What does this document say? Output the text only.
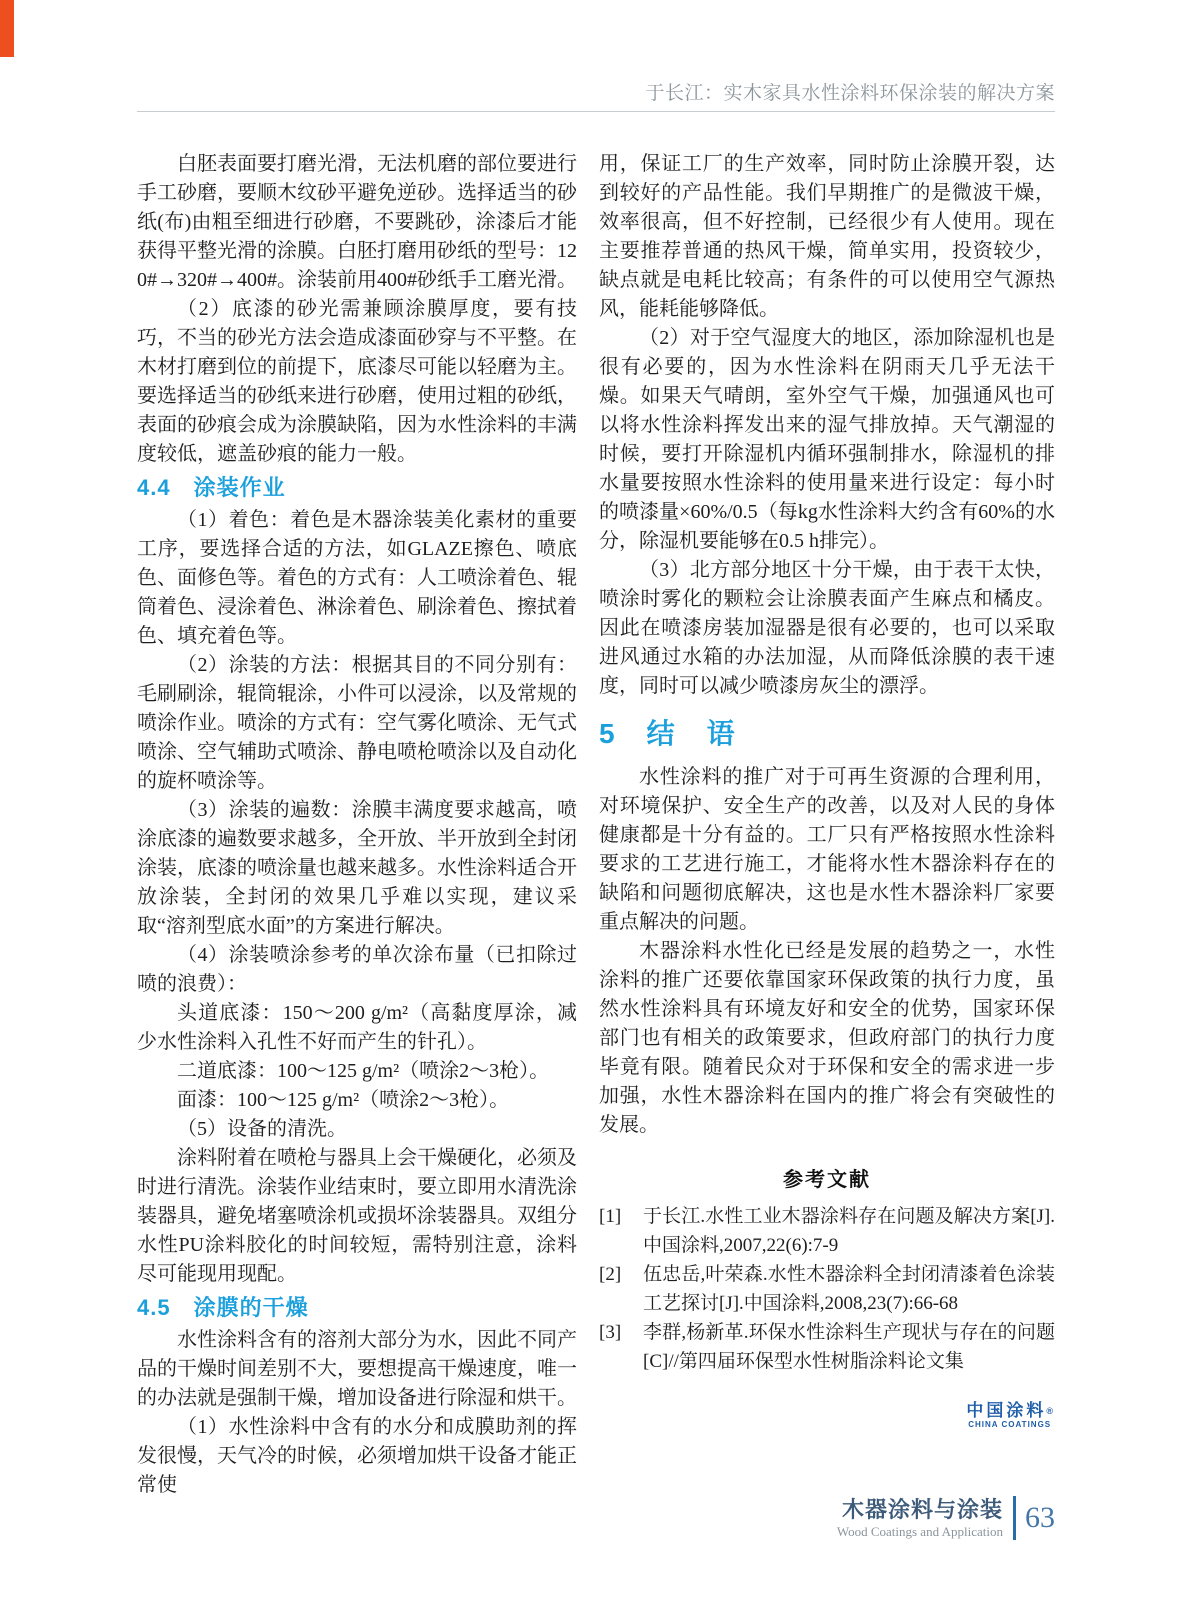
于长江：实木家具水性涂料环保涂装的解决方案

白胚表面要打磨光滑，无法机磨的部位要进行手工砂磨，要顺木纹砂平避免逆砂。选择适当的砂纸(布)由粗至细进行砂磨，不要跳砂，涂漆后才能获得平整光滑的涂膜。白胚打磨用砂纸的型号：120#→320#→400#。涂装前用400#砂纸手工磨光滑。

（2）底漆的砂光需兼顾涂膜厚度，要有技巧，不当的砂光方法会造成漆面砂穿与不平整。在木材打磨到位的前提下，底漆尽可能以轻磨为主。要选择适当的砂纸来进行砂磨，使用过粗的砂纸，表面的砂痕会成为涂膜缺陷，因为水性涂料的丰满度较低，遮盖砂痕的能力一般。

4.4　涂装作业

（1）着色：着色是木器涂装美化素材的重要工序，要选择合适的方法，如GLAZE擦色、喷底色、面修色等。着色的方式有：人工喷涂着色、辊筒着色、浸涂着色、淋涂着色、刷涂着色、擦拭着色、填充着色等。

（2）涂装的方法：根据其目的不同分别有：毛刷刷涂，辊筒辊涂，小件可以浸涂，以及常规的喷涂作业。喷涂的方式有：空气雾化喷涂、无气式喷涂、空气辅助式喷涂、静电喷枪喷涂以及自动化的旋杯喷涂等。

（3）涂装的遍数：涂膜丰满度要求越高，喷涂底漆的遍数要求越多，全开放、半开放到全封闭涂装，底漆的喷涂量也越来越多。水性涂料适合开放涂装，全封闭的效果几乎难以实现，建议采取“溶剂型底水面”的方案进行解决。

（4）涂装喷涂参考的单次涂布量（已扣除过喷的浪费）：

头道底漆：150～200 g/m²（高黏度厚涂，减少水性涂料入孔性不好而产生的针孔）。

二道底漆：100～125 g/m²（喷涂2～3枪）。

面漆：100～125 g/m²（喷涂2～3枪）。

（5）设备的清洗。

涂料附着在喷枪与器具上会干燥硬化，必须及时进行清洗。涂装作业结束时，要立即用水清洗涂装器具，避免堵塞喷涂机或损坏涂装器具。双组分水性PU涂料胶化的时间较短，需特别注意，涂料尽可能现用现配。

4.5　涂膜的干燥

水性涂料含有的溶剂大部分为水，因此不同产品的干燥时间差别不大，要想提高干燥速度，唯一的办法就是强制干燥，增加设备进行除湿和烘干。

（1）水性涂料中含有的水分和成膜助剂的挥发很慢，天气冷的时候，必须增加烘干设备才能正常使

用，保证工厂的生产效率，同时防止涂膜开裂，达到较好的产品性能。我们早期推广的是微波干燥，效率很高，但不好控制，已经很少有人使用。现在主要推荐普通的热风干燥，简单实用，投资较少，缺点就是电耗比较高；有条件的可以使用空气源热风，能耗能够降低。

（2）对于空气湿度大的地区，添加除湿机也是很有必要的，因为水性涂料在阴雨天几乎无法干燥。如果天气晴朗，室外空气干燥，加强通风也可以将水性涂料挥发出来的湿气排放掉。天气潮湿的时候，要打开除湿机内循环强制排水，除湿机的排水量要按照水性涂料的使用量来进行设定：每小时的喷漆量×60%/0.5（每kg水性涂料大约含有60%的水分，除湿机要能够在0.5 h排完）。

（3）北方部分地区十分干燥，由于表干太快，喷涂时雾化的颗粒会让涂膜表面产生麻点和橘皮。因此在喷漆房装加湿器是很有必要的，也可以采取进风通过水箱的办法加湿，从而降低涂膜的表干速度，同时可以减少喷漆房灰尘的漂浮。

5　结　语

水性涂料的推广对于可再生资源的合理利用，对环境保护、安全生产的改善，以及对人民的身体健康都是十分有益的。工厂只有严格按照水性涂料要求的工艺进行施工，才能将水性木器涂料存在的缺陷和问题彻底解决，这也是水性木器涂料厂家要重点解决的问题。

木器涂料水性化已经是发展的趋势之一，水性涂料的推广还要依靠国家环保政策的执行力度，虽然水性涂料具有环境友好和安全的优势，国家环保部门也有相关的政策要求，但政府部门的执行力度毕竟有限。随着民众对于环保和安全的需求进一步加强，水性木器涂料在国内的推广将会有突破性的发展。

参考文献
[1]	于长江.水性工业木器涂料存在问题及解决方案[J].中国涂料,2007,22(6):7-9
[2]	伍忠岳,叶荣森.水性木器涂料全封闭清漆着色涂装工艺探讨[J].中国涂料,2008,23(7):66-68
[3]	李群,杨新革.环保水性涂料生产现状与存在的问题[C]//第四届环保型水性树脂涂料论文集
中国涂料®
CHINA COATINGS
木器涂料与涂装
Wood Coatings and Application 63
